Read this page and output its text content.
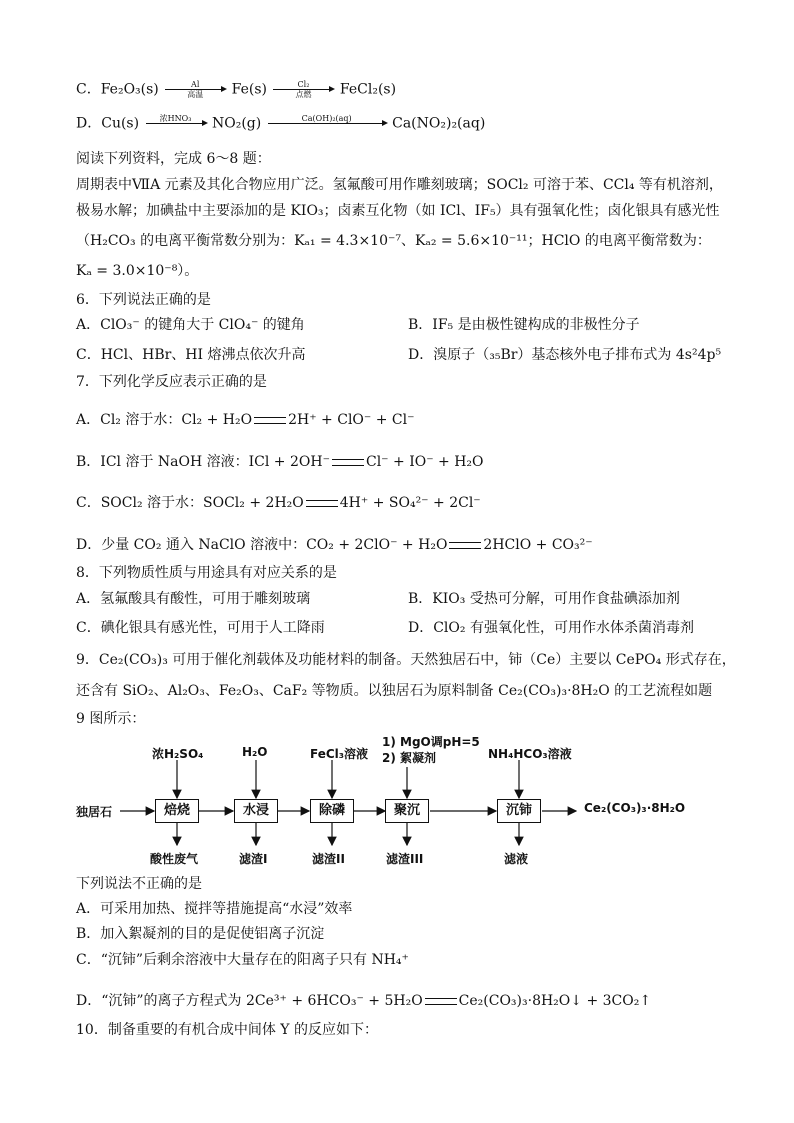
C．Fe₂O₃(s)	Al
高温	Fe(s)	Cl₂
点燃	FeCl₂(s)
D．Cu(s)	浓HNO₃
	NO₂(g)	Ca(OH)₂(aq)
	Ca(NO₂)₂(aq)
阅读下列资料，完成 6～8 题：
周期表中ⅦA 元素及其化合物应用广泛。氢氟酸可用作雕刻玻璃；SOCl₂ 可溶于苯、CCl₄ 等有机溶剂，
极易水解；加碘盐中主要添加的是 KIO₃；卤素互化物（如 ICl、IF₅）具有强氧化性；卤化银具有感光性
（H₂CO₃ 的电离平衡常数分别为：Kₐ₁ = 4.3×10⁻⁷、Kₐ₂ = 5.6×10⁻¹¹；HClO 的电离平衡常数为：
Kₐ = 3.0×10⁻⁸）。
6．下列说法正确的是
A．ClO₃⁻ 的键角大于 ClO₄⁻ 的键角	B．IF₅ 是由极性键构成的非极性分子
C．HCl、HBr、HI 熔沸点依次升高	D．溴原子（₃₅Br）基态核外电子排布式为 4s²4p⁵
7．下列化学反应表示正确的是
A．Cl₂ 溶于水：Cl₂ + H₂O	2H⁺ + ClO⁻ + Cl⁻
B．ICl 溶于 NaOH 溶液：ICl + 2OH⁻	Cl⁻ + IO⁻ + H₂O
C．SOCl₂ 溶于水：SOCl₂ + 2H₂O	4H⁺ + SO₄²⁻ + 2Cl⁻
D．少量 CO₂ 通入 NaClO 溶液中：CO₂ + 2ClO⁻ + H₂O	2HClO + CO₃²⁻
8．下列物质性质与用途具有对应关系的是
A．氢氟酸具有酸性，可用于雕刻玻璃	B．KIO₃ 受热可分解，可用作食盐碘添加剂
C．碘化银具有感光性，可用于人工降雨	D．ClO₂ 有强氧化性，可用作水体杀菌消毒剂
9．Ce₂(CO₃)₃ 可用于催化剂载体及功能材料的制备。天然独居石中，铈（Ce）主要以 CePO₄ 形式存在，
还含有 SiO₂、Al₂O₃、Fe₂O₃、CaF₂ 等物质。以独居石为原料制备 Ce₂(CO₃)₃·8H₂O 的工艺流程如题
9 图所示：
独居石	Ce₂(CO₃)₃·8H₂O
焙烧	水浸	除磷	聚沉	沉铈
浓H₂SO₄	H₂O	FeCl₃溶液
1) MgO调pH=5
2) 絮凝剂	NH₄HCO₃溶液
酸性废气	滤渣I	滤渣II	滤渣III	滤液
下列说法不正确的是
A．可采用加热、搅拌等措施提高“水浸”效率
B．加入絮凝剂的目的是促使铝离子沉淀
C．“沉铈”后剩余溶液中大量存在的阳离子只有 NH₄⁺
D．“沉铈”的离子方程式为 2Ce³⁺ + 6HCO₃⁻ + 5H₂O	Ce₂(CO₃)₃·8H₂O↓ + 3CO₂↑
10．制备重要的有机合成中间体 Y 的反应如下：
